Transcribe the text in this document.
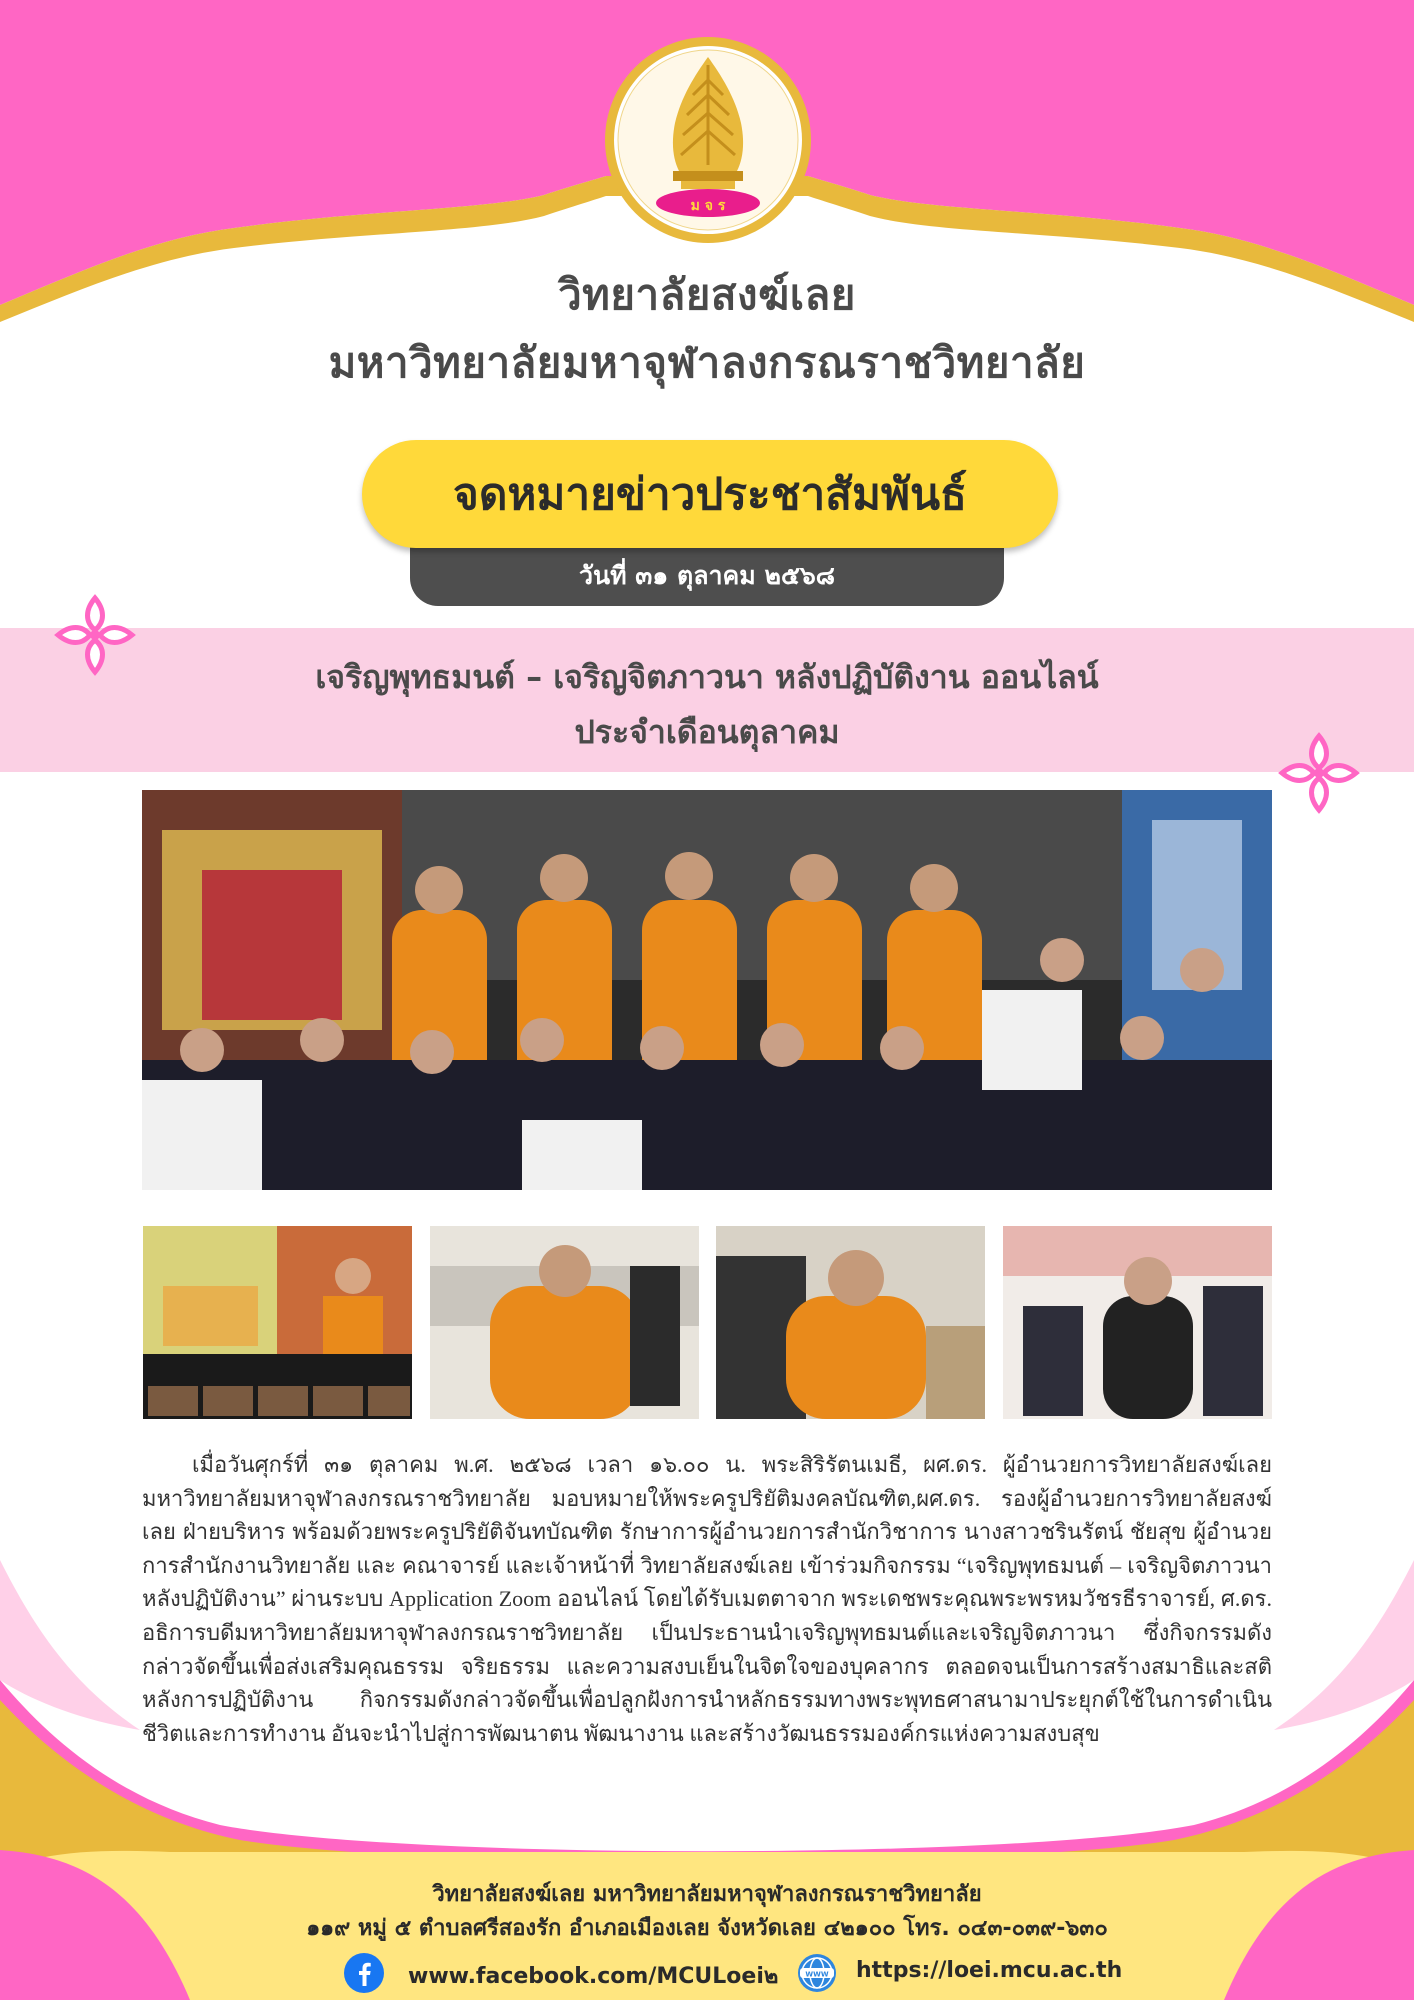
ม จ ร
วิทยาลัยสงฆ์เลย
มหาวิทยาลัยมหาจุฬาลงกรณราชวิทยาลัย
วันที่ ๓๑ ตุลาคม ๒๕๖๘
จดหมายข่าวประชาสัมพันธ์
เจริญพุทธมนต์ – เจริญจิตภาวนา หลังปฏิบัติงาน ออนไลน์
ประจำเดือนตุลาคม

เมื่อวันศุกร์ที่ ๓๑ ตุลาคม พ.ศ. ๒๕๖๘ เวลา ๑๖.๐๐ น. พระสิริรัตนเมธี, ผศ.ดร. ผู้อำนวยการวิทยาลัยสงฆ์เลย มหาวิทยาลัยมหาจุฬาลงกรณราชวิทยาลัย มอบหมายให้พระครูปริยัติมงคลบัณฑิต,ผศ.ดร. รองผู้อำนวยการวิทยาลัยสงฆ์เลย ฝ่ายบริหาร พร้อมด้วยพระครูปริยัติจันทบัณฑิต รักษาการผู้อำนวยการสำนักวิชาการ นางสาวชรินรัตน์ ชัยสุข ผู้อำนวยการสำนักงานวิทยาลัย และ คณาจารย์ และเจ้าหน้าที่ วิทยาลัยสงฆ์เลย เข้าร่วมกิจกรรม “เจริญพุทธมนต์ – เจริญจิตภาวนา หลังปฏิบัติงาน” ผ่านระบบ Application Zoom ออนไลน์ โดยได้รับเมตตาจาก พระเดชพระคุณพระพรหมวัชรธีราจารย์, ศ.ดร. อธิการบดีมหาวิทยาลัยมหาจุฬาลงกรณราชวิทยาลัย เป็นประธานนำเจริญพุทธมนต์และเจริญจิตภาวนา ซึ่งกิจกรรมดังกล่าวจัดขึ้นเพื่อส่งเสริมคุณธรรม จริยธรรม และความสงบเย็นในจิตใจของบุคลากร ตลอดจนเป็นการสร้างสมาธิและสติหลังการปฏิบัติงาน กิจกรรมดังกล่าวจัดขึ้นเพื่อปลูกฝังการนำหลักธรรมทางพระพุทธศาสนามาประยุกต์ใช้ในการดำเนินชีวิตและการทำงาน อันจะนำไปสู่การพัฒนาตน พัฒนางาน และสร้างวัฒนธรรมองค์กรแห่งความสงบสุข

วิทยาลัยสงฆ์เลย มหาวิทยาลัยมหาจุฬาลงกรณราชวิทยาลัย
๑๑๙ หมู่ ๕ ตำบลศรีสองรัก อำเภอเมืองเลย จังหวัดเลย ๔๒๑๐๐ โทร. ๐๔๓-๐๓๙-๖๓๐
www.facebook.com/MCULoei๒	WWW https://loei.mcu.ac.th
